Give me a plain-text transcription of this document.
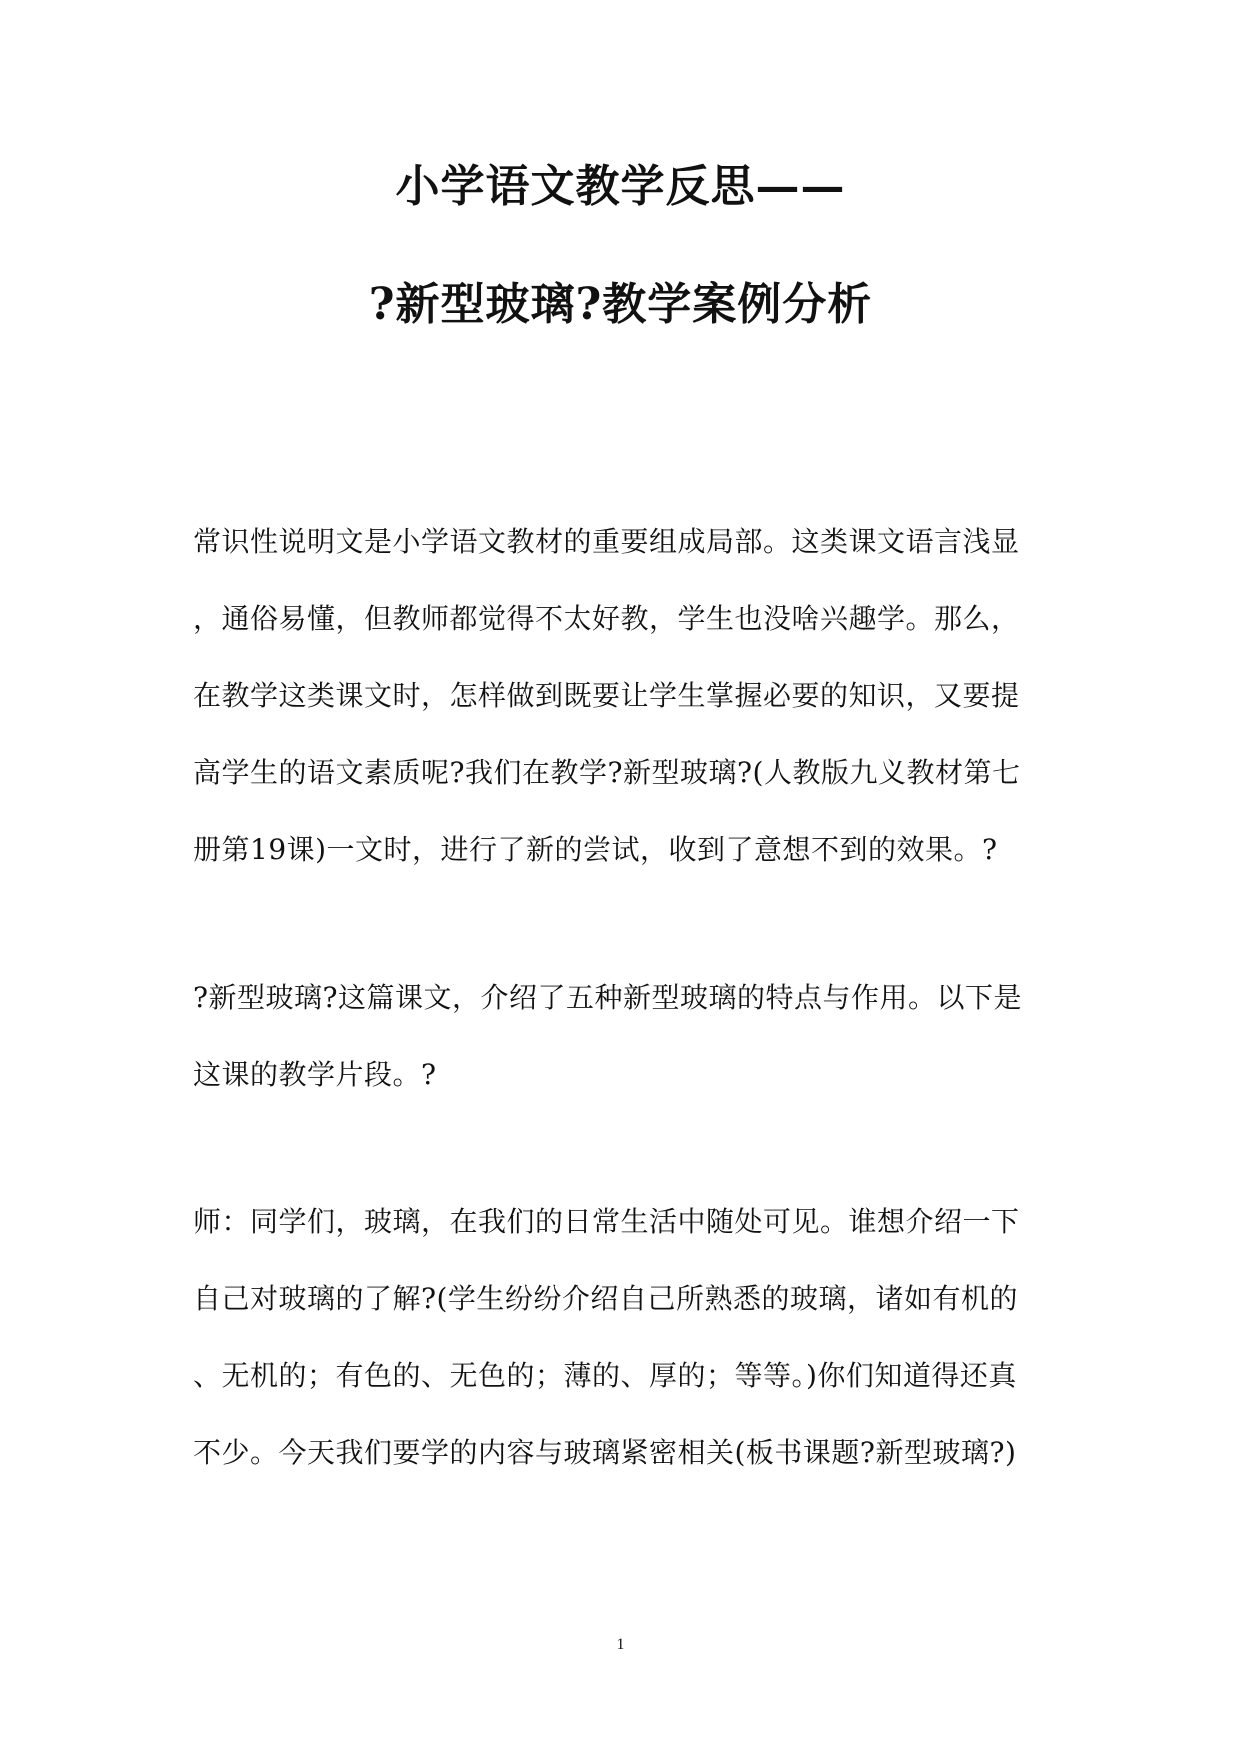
小学语文教学反思——
?新型玻璃?教学案例分析
常识性说明文是小学语文教材的重要组成局部。这类课文语言浅显
，通俗易懂，但教师都觉得不太好教，学生也没啥兴趣学。那么，
在教学这类课文时，怎样做到既要让学生掌握必要的知识，又要提
高学生的语文素质呢?我们在教学?新型玻璃?(人教版九义教材第七
册第19课)一文时，进行了新的尝试，收到了意想不到的效果。?
?新型玻璃?这篇课文，介绍了五种新型玻璃的特点与作用。以下是
这课的教学片段。?
师：同学们，玻璃，在我们的日常生活中随处可见。谁想介绍一下
自己对玻璃的了解?(学生纷纷介绍自己所熟悉的玻璃，诸如有机的
、无机的；有色的、无色的；薄的、厚的；等等。)你们知道得还真
不少。今天我们要学的内容与玻璃紧密相关(板书课题?新型玻璃?)
1
